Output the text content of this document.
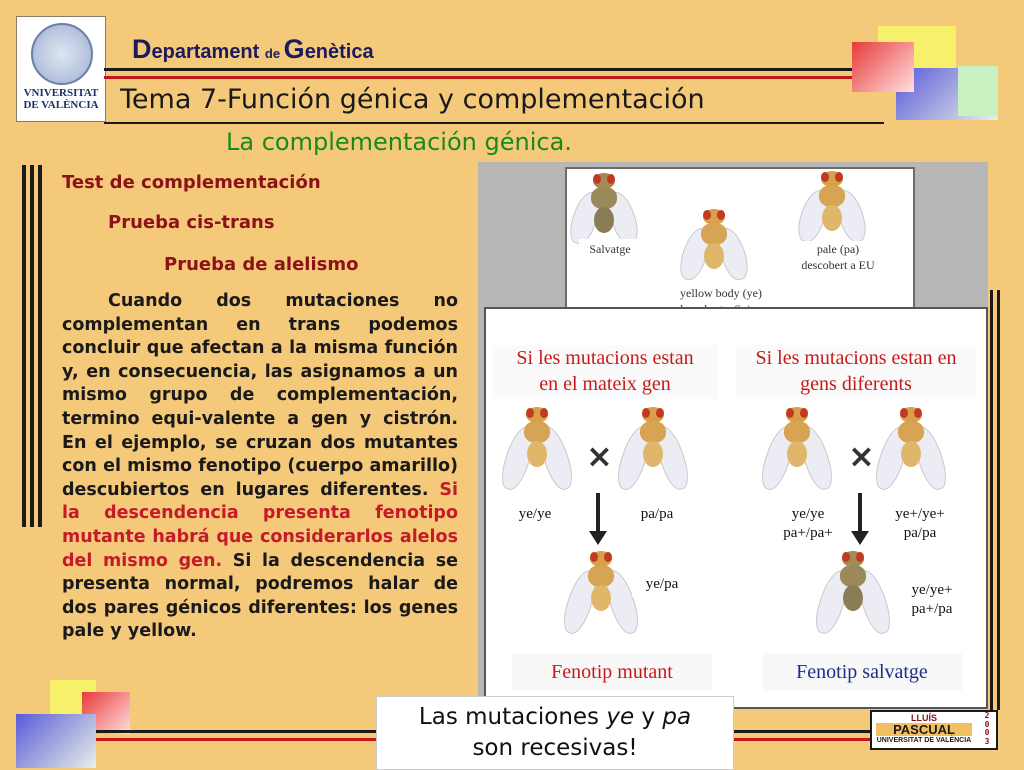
VNIVERSITAT
DE VALÈNCIA
Departament de Genètica
Tema 7-Función génica y complementación
La complementación génica.
Test de complementación
Prueba cis-trans
Prueba de alelismo
Cuando dos mutaciones no complementan en trans podemos concluir que afectan a la misma función y, en consecuencia, las asignamos a un mismo grupo de complementación, termino equi-valente a gen y cistrón. En el ejemplo, se cruzan dos mutantes con el mismo fenotipo (cuerpo amarillo) descubiertos en lugares diferentes. Si la descendencia presenta fenotipo mutante habrá que considerarlos alelos del mismo gen. Si la descendencia se presenta normal, podremos halar de dos pares génicos diferentes: los genes pale y yellow.
Salvatge	pale (pa)
descobert a EU
yellow body (ye)
Si les mutacions estan
en el mateix gen
Si les mutacions estan en
gens diferents
×
ye/ye	pa/pa
ye/pa
Fenotip mutant
×
ye/ye
pa+/pa+
ye+/ye+
pa/pa
ye/ye+
pa+/pa
Fenotip salvatge
Las mutaciones ye y pa
son recesivas!
LLUÍS
PASCUAL
UNIVERSITAT DE VALÈNCIA
2
0
0
3
